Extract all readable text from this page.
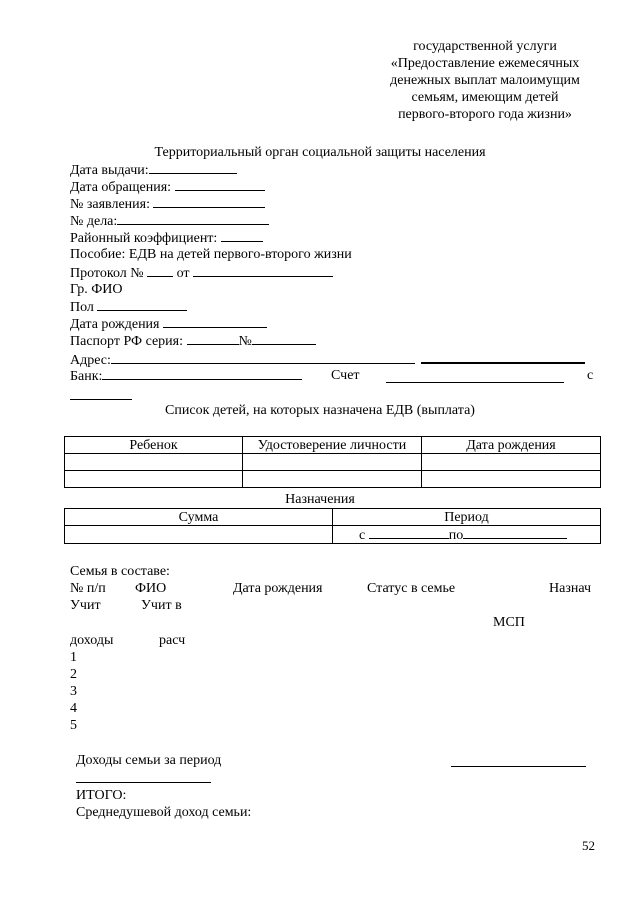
государственной услуги
«Предоставление ежемесячных
денежных выплат малоимущим
семьям, имеющим детей
первого-второго года жизни»
Территориальный орган социальной защиты населения
Дата выдачи:
Дата обращения:
№ заявления:
№ дела:
Районный коэффициент:
Пособие: ЕДВ на детей первого-второго жизни
Протокол № от
Гр. ФИО
Пол
Дата рождения
Паспорт РФ серия:	№
Адрес:
Банк:	Счет	с
Список детей, на которых назначена ЕДВ (выплата)
Ребенок	Удостоверение личности	Дата рождения

Назначения
Сумма	Период
	с по
Семья в составе:
№ п/п ФИО	Дата рождения	Статус в семье	Назнач
Учит	Учит в
МСП
доходы	расч
1
2
3
4
5
Доходы семьи за период
ИТОГО:
Среднедушевой доход семьи:
52
